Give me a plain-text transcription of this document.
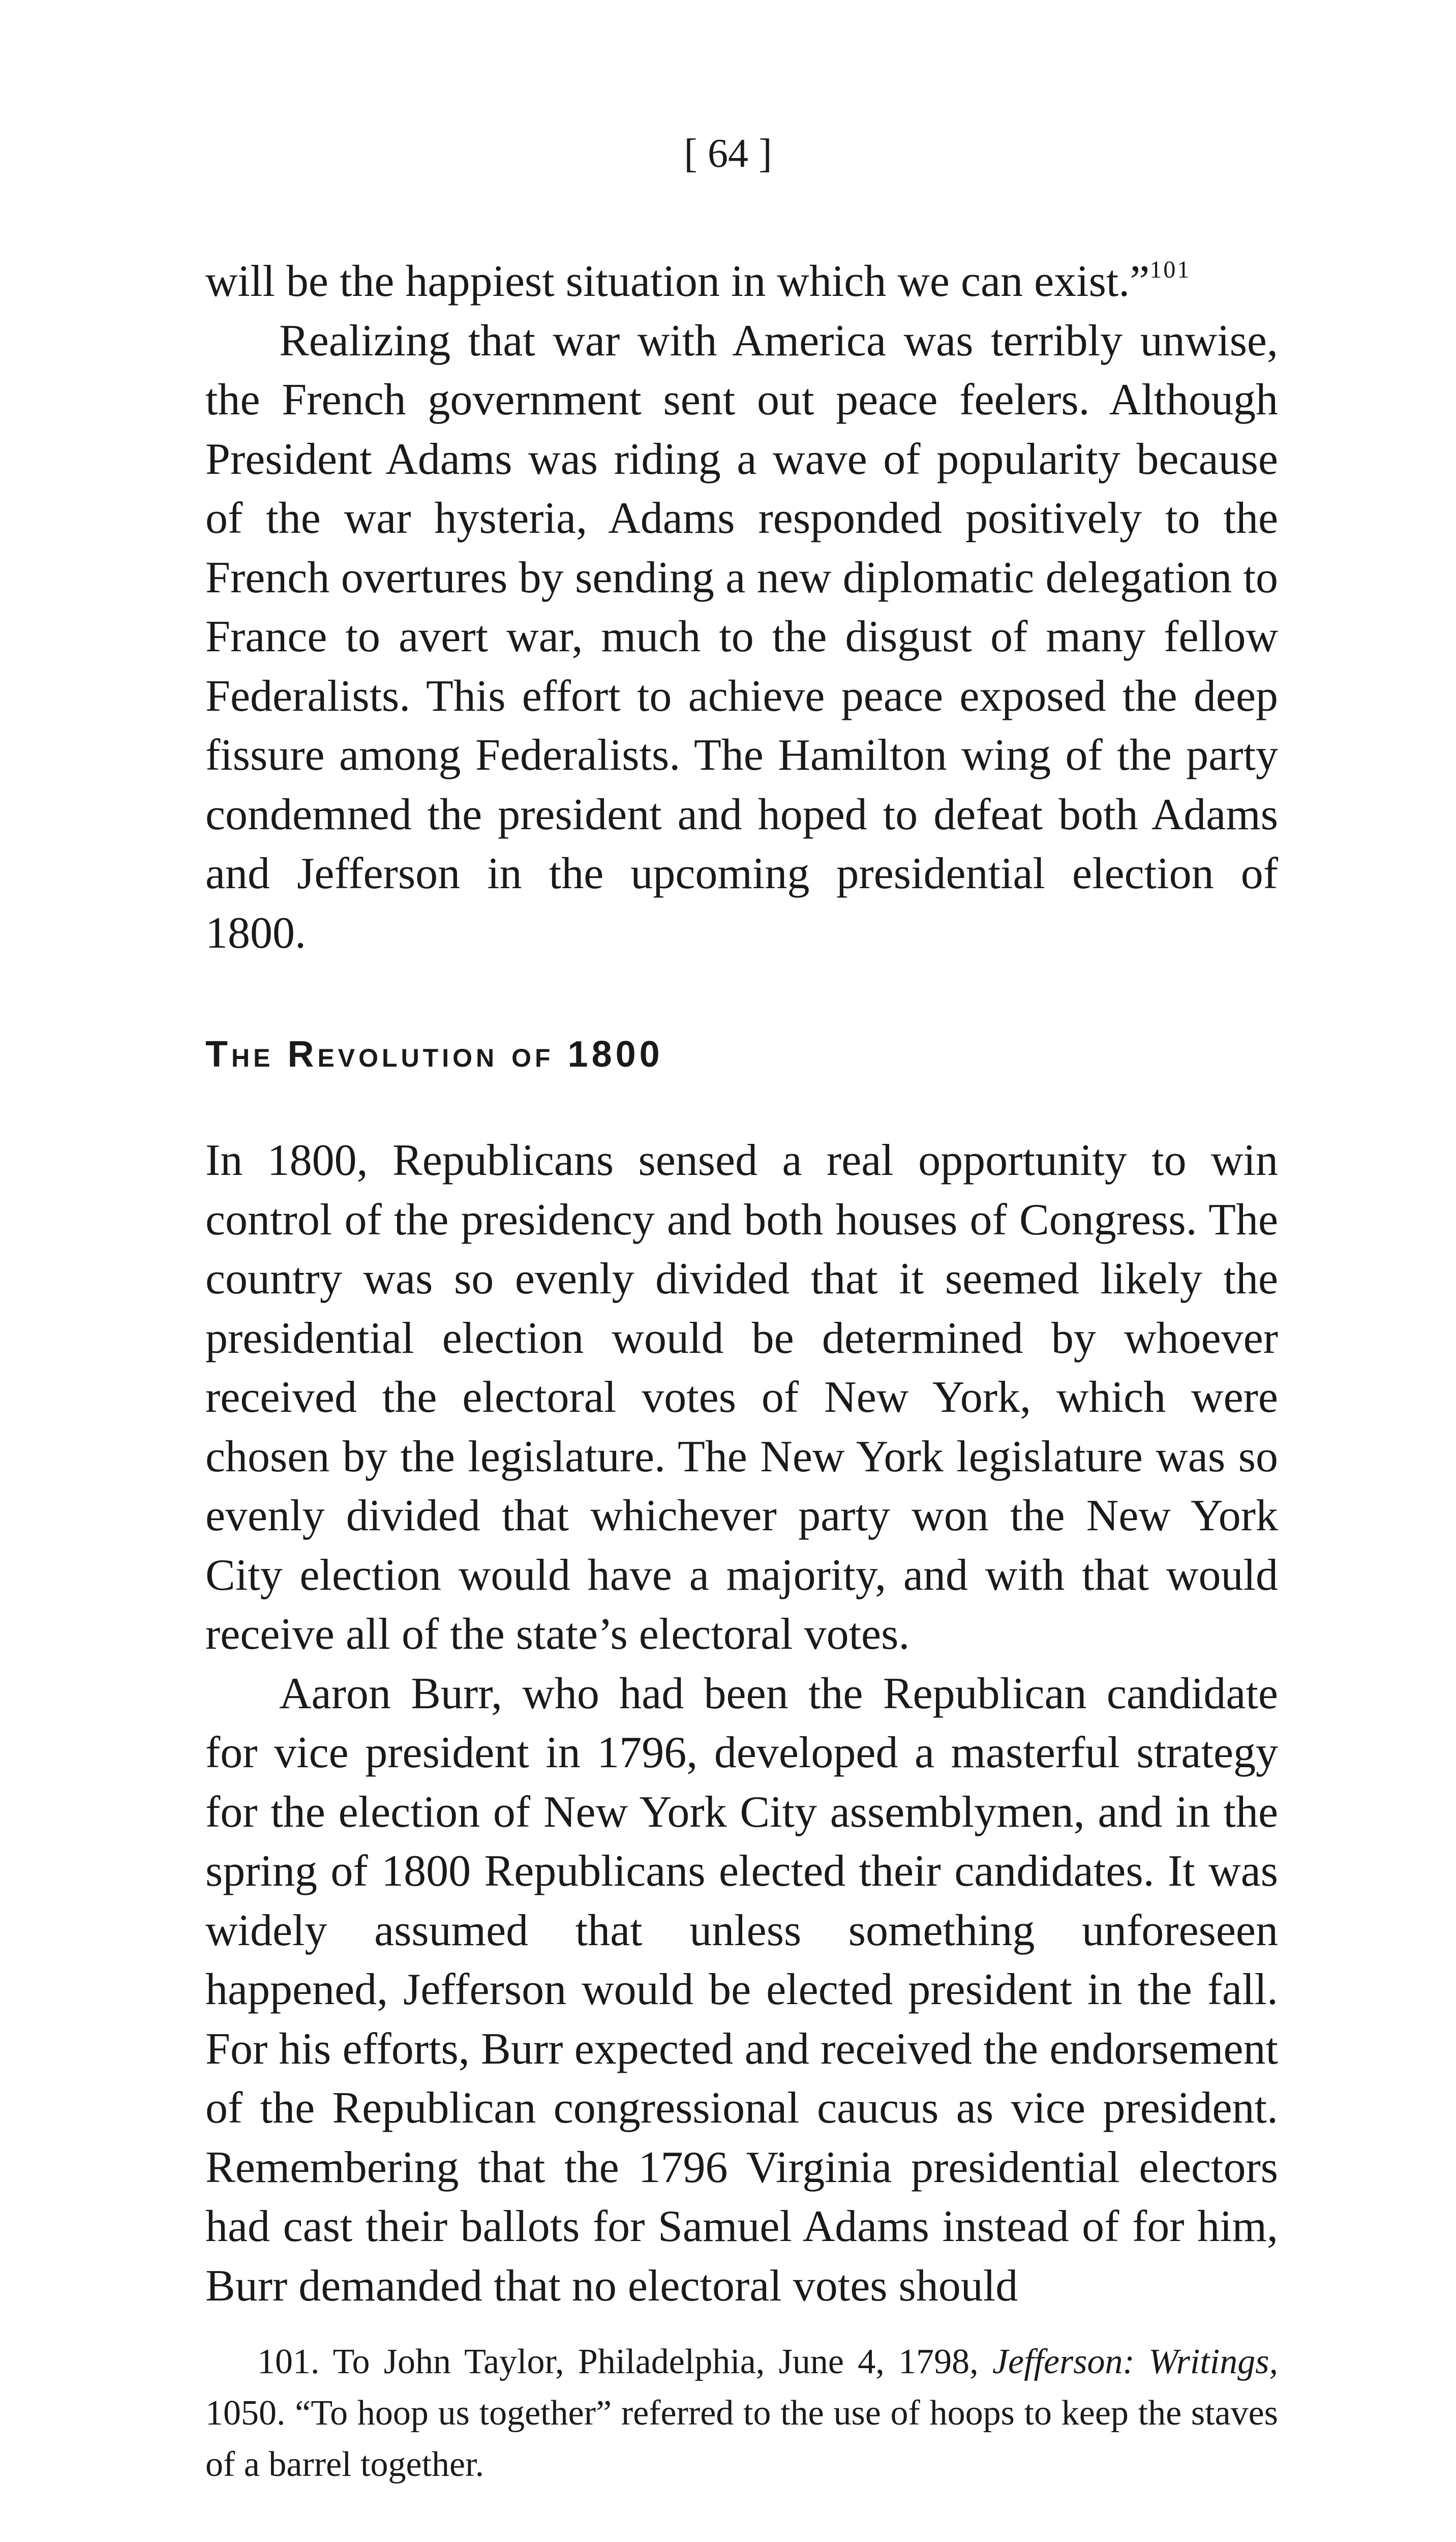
[ 64 ]

will be the happiest situation in which we can exist.”$^{101}$

Realizing that war with America was terribly unwise, the French government sent out peace feelers. Although President Adams was riding a wave of popularity because of the war hysteria, Adams responded positively to the French overtures by sending a new diplomatic delegation to France to avert war, much to the disgust of many fellow Federalists. This effort to achieve peace exposed the deep fissure among Federalists. The Hamilton wing of the party condemned the president and hoped to defeat both Adams and Jefferson in the upcoming presidential election of 1800.

The Revolution of 1800

In 1800, Republicans sensed a real opportunity to win control of the presidency and both houses of Congress. The country was so evenly divided that it seemed likely the presidential election would be determined by whoever received the electoral votes of New York, which were chosen by the legislature. The New York legislature was so evenly divided that whichever party won the New York City election would have a majority, and with that would receive all of the state’s electoral votes.

Aaron Burr, who had been the Republican candidate for vice president in 1796, developed a masterful strategy for the election of New York City assemblymen, and in the spring of 1800 Republicans elected their candidates. It was widely assumed that unless something unforeseen happened, Jefferson would be elected president in the fall. For his efforts, Burr expected and received the endorsement of the Republican congressional caucus as vice president. Remembering that the 1796 Virginia presidential electors had cast their ballots for Samuel Adams instead of for him, Burr demanded that no electoral votes should

101. To John Taylor, Philadelphia, June 4, 1798, Jefferson: Writings, 1050. “To hoop us together” referred to the use of hoops to keep the staves of a barrel together.
